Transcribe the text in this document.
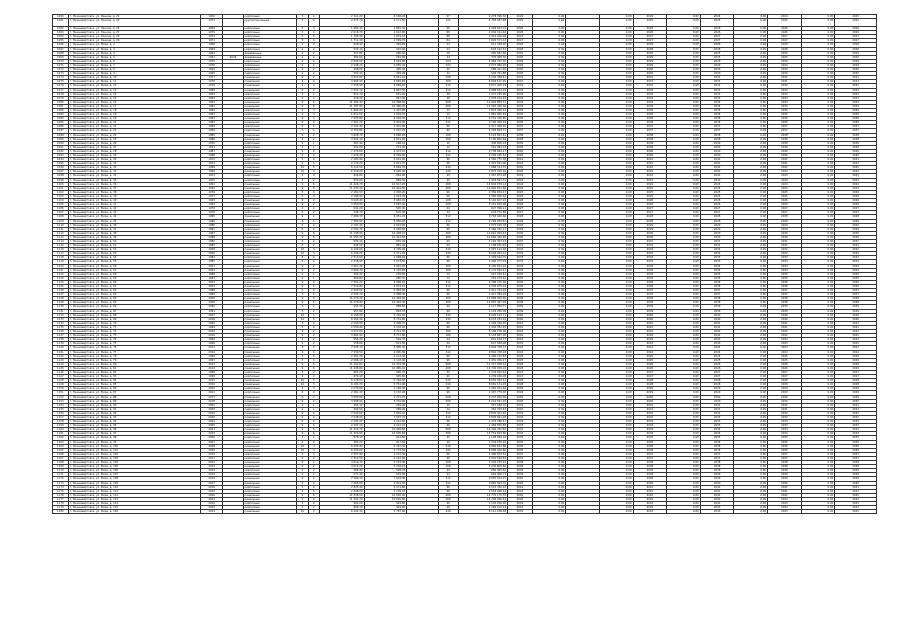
1060	г. Нижневартовск, ул. Ленина, д. 22	1972		кирпичные	5	4	2 111,20	2 156,20		97	2 278 396,32	2024	0,00		0,00	2024	0,00	2024	0,00	2024	0,00	2025
1061	г. Нижневартовск, ул. Ленина, д. 23	1973		крупнопанельные	5	4	2 473,70	2 171,50		121	4 758 087,88	2025	0,00		0,00	2025	0,00	2025	0,00	2025	0,00	2025
1062	г. Нижневартовск, ул. Ленина, д. 25	1969		кирпичные	5	4	1 982,40	1 845,30		96	2 048 813,15	2026	0,00		0,00	2026	0,00	2026	0,00	2026	0,00	2026
1063	г. Нижневартовск, ул. Ленина, д. 27	1970		кирпичные	5	4	2 018,70	1 912,80		98	2 094 311,40	2026	0,00		0,00	2026	0,00	2026	0,00	2026	0,00	2026
1064	г. Нижневартовск, ул. Ленина, д. 28	1974		кирпичные	5	4	1 795,90	1 674,10		88	1 912 446,09	2027	0,00		0,00	2027	0,00	2027	0,00	2027	0,00	2027
1065	г. Нижневартовск, ул. Ленина, д. 29	1971		кирпичные	5	4	1 711,30	1 599,70		84	1 826 571,12	2027	0,00		0,00	2027	0,00	2027	0,00	2027	0,00	2027
1066	г. Нижневартовск, ул. Мира, д. 2	1968		кирпичные	2	2	528,40	492,00		24	611 348,20	2028	0,00		0,00	2028	0,00	2028	0,00	2028	0,00	2028
1067	г. Нижневартовск, ул. Мира, д. 3	1969		кирпичные	2	2	533,10	497,60		24	618 102,54	2028	0,00		0,00	2028	0,00	2028	0,00	2028	0,00	2028
1068	г. Нижневартовск, ул. Мира, д. 4	1962		деревянные	2	2	317,80	296,40		16	392 507,66	2025	0,00		0,00	2025	0,00	2025	0,00	2025	0,00	2025
1069	г. Нижневартовск, ул. Мира, д. 5	1961	2004	деревянные	2	2	304,60	281,90		14	376 908,30	2025	0,00		0,00	2025	0,00	2025	0,00	2025	0,00	2025
1070	г. Нижневартовск, ул. Мира, д. 6	1975		кирпичные	5	4	2 204,50	2 063,80		104	2 384 772,10	2029	0,00		0,00	2029	0,00	2029	0,00	2029	0,00	2029
1071	г. Нижневартовск, ул. Мира, д. 7	1976		кирпичные	5	4	2 198,20	2 055,40		103	2 377 960,05	2029	0,00		0,00	2029	0,00	2029	0,00	2029	0,00	2029
1072	г. Нижневартовск, ул. Мира, д. 8	1964		кирпичные	2	2	498,00	465,30		22	588 417,26	2030	0,00		0,00	2030	0,00	2030	0,00	2030	0,00	2030
1073	г. Нижневартовск, ул. Мира, д. 9	1965		кирпичные	2	2	502,40	469,90		22	593 701,88	2030	0,00		0,00	2030	0,00	2030	0,00	2030	0,00	2030
1074	г. Нижневартовск, ул. Мира, д. 10	1977		панельные	9	2	3 912,60	3 651,10		168	5 102 338,47	2031	0,00		0,00	2031	0,00	2031	0,00	2031	0,00	2031
1075	г. Нижневартовск, ул. Мира, д. 11	1978		панельные	9	2	3 906,30	3 640,80		168	5 094 117,25	2031	0,00		0,00	2031	0,00	2031	0,00	2031	0,00	2031
1076	г. Нижневартовск, ул. Мира, д. 12	1979		панельные	9	4	7 418,90	6 882,40		312	9 671 402,19	2032	0,00		0,00	2032	0,00	2032	0,00	2032	0,00	2032
1077	г. Нижневартовск, ул. Мира, д. 13	1980		панельные	9	4	7 432,10	6 897,50		312	9 688 551,03	2032	0,00		0,00	2032	0,00	2032	0,00	2032	0,00	2032
1078	г. Нижневартовск, ул. Мира, д. 14	1963		кирпичные	3	2	912,70	851,20		38	1 071 225,90	2033	0,00		0,00	2033	0,00	2033	0,00	2033	0,00	2033
1079	г. Нижневартовск, ул. Мира, д. 15	1964		кирпичные	3	2	918,40	857,00		38	1 078 014,62	2033	0,00		0,00	2033	0,00	2033	0,00	2033	0,00	2033
1080	г. Нижневартовск, ул. Мира, д. 16	1981		панельные	9	6	11 204,30	10 398,60		468	14 602 883,71	2034	0,00		0,00	2034	0,00	2034	0,00	2034	0,00	2034
1081	г. Нижневартовск, ул. Мира, д. 17	1982		панельные	9	6	11 187,90	10 380,20		468	14 581 440,36	2034	0,00		0,00	2034	0,00	2034	0,00	2034	0,00	2034
1082	г. Нижневартовск, ул. Мира, д. 18	1966		кирпичные	4	3	1 604,20	1 497,80		72	1 873 390,14	2035	0,00		0,00	2035	0,00	2035	0,00	2035	0,00	2035
1083	г. Нижневартовск, ул. Мира, д. 19	1967		кирпичные	4	3	1 611,50	1 503,10		72	1 881 905,55	2035	0,00		0,00	2035	0,00	2035	0,00	2035	0,00	2035
1084	г. Нижневартовск, ул. Мира, д. 20	1983		панельные	9	4	7 455,80	6 918,30		312	9 719 336,80	2036	0,00		0,00	2036	0,00	2036	0,00	2036	0,00	2036
1085	г. Нижневартовск, ул. Мира, д. 21	1984		панельные	9	4	7 461,20	6 924,90		312	9 726 409,18	2036	0,00		0,00	2036	0,00	2036	0,00	2036	0,00	2036
1086	г. Нижневартовск, ул. Мира, д. 22	1968		кирпичные	5	4	2 142,30	2 001,60		96	2 317 458,92	2037	0,00		0,00	2037	0,00	2037	0,00	2037	0,00	2037
1087	г. Нижневартовск, ул. Мира, д. 23	1969		кирпичные	5	4	2 150,80	2 010,20		96	2 326 604,71	2037	0,00		0,00	2037	0,00	2037	0,00	2037	0,00	2037
1088	г. Нижневартовск, ул. Мира, д. 24	1985		панельные	9	2	3 928,70	3 666,40		168	5 123 007,44	2038	0,00		0,00	2038	0,00	2038	0,00	2038	0,00	2038
1089	г. Нижневартовск, ул. Мира, д. 25	1986		панельные	9	2	3 934,10	3 671,90		168	5 130 052,69	2038	0,00		0,00	2038	0,00	2038	0,00	2038	0,00	2038
1090	г. Нижневартовск, ул. Мира, д. 26	1970		кирпичные	2	1	287,40	268,10		12	336 805,19	2039	0,00		0,00	2039	0,00	2039	0,00	2039	0,00	2039
1091	г. Нижневартовск, ул. Мира, д. 27	1971		кирпичные	2	1	291,80	272,30		12	341 961,33	2039	0,00		0,00	2039	0,00	2039	0,00	2039	0,00	2039
1092	г. Нижневартовск, ул. Мира, д. 28	1987		панельные	9	4	7 470,60	6 933,10		312	9 738 664,17	2040	0,00		0,00	2040	0,00	2040	0,00	2040	0,00	2040
1093	г. Нижневартовск, ул. Мира, д. 29	1988		панельные	9	4	7 476,40	6 939,80		312	9 746 225,52	2040	0,00		0,00	2040	0,00	2040	0,00	2040	0,00	2040
1094	г. Нижневартовск, ул. Мира, д. 30	1972		кирпичные	5	4	2 163,90	2 021,40		96	2 340 775,38	2041	0,00		0,00	2041	0,00	2041	0,00	2041	0,00	2041
1095	г. Нижневартовск, ул. Мира, д. 31	1973		кирпичные	5	4	2 170,20	2 027,70		96	2 347 591,06	2041	0,00		0,00	2041	0,00	2041	0,00	2041	0,00	2041
1096	г. Нижневартовск, ул. Мира, д. 32	1989		панельные	10	3	6 112,50	5 684,70		240	7 968 313,75	2042	0,00		0,00	2042	0,00	2042	0,00	2042	0,00	2042
1097	г. Нижневартовск, ул. Мира, д. 33	1990		панельные	10	3	6 118,20	5 690,40		240	7 975 744,10	2042	0,00		0,00	2042	0,00	2042	0,00	2042	0,00	2042
1098	г. Нижневартовск, ул. Мира, д. 34	1974		кирпичные	3	2	926,80	864,90		40	1 087 873,28	2043	0,00		0,00	2043	0,00	2043	0,00	2043	0,00	2043
1099	г. Нижневартовск, ул. Мира, д. 35	1975		кирпичные	3	2	931,60	869,30		40	1 093 507,71	2043	0,00		0,00	2043	0,00	2043	0,00	2043	0,00	2043
1100	г. Нижневартовск, ул. Мира, д. 36	1991		панельные	9	6	11 226,70	10 417,20		468	14 632 079,14	2024	0,00		0,00	2024	0,00	2024	0,00	2024	0,00	2024
1101	г. Нижневартовск, ул. Мира, д. 37	1992		панельные	9	6	11 233,40	10 424,80		468	14 640 811,60	2024	0,00		0,00	2024	0,00	2024	0,00	2024	0,00	2024
1102	г. Нижневартовск, ул. Мира, д. 38	1976		кирпичные	5	4	2 181,50	2 038,20		96	2 359 819,47	2025	0,00		0,00	2025	0,00	2025	0,00	2025	0,00	2025
1103	г. Нижневартовск, ул. Мира, д. 39	1977		кирпичные	5	4	2 186,90	2 043,70		96	2 365 660,92	2025	0,00		0,00	2025	0,00	2025	0,00	2025	0,00	2025
1104	г. Нижневартовск, ул. Мира, д. 40	1993		панельные	9	2	3 945,30	3 682,10		168	5 144 657,15	2026	0,00		0,00	2026	0,00	2026	0,00	2026	0,00	2026
1105	г. Нижневартовск, ул. Мира, д. 41	1994		панельные	9	2	3 950,80	3 687,40		168	5 151 829,00	2026	0,00		0,00	2026	0,00	2026	0,00	2026	0,00	2026
1106	г. Нижневартовск, ул. Мира, д. 42	1978		кирпичные	2	2	541,20	505,30		24	627 396,11	2027	0,00		0,00	2027	0,00	2027	0,00	2027	0,00	2027
1107	г. Нижневартовск, ул. Мира, д. 43	1979		кирпичные	2	2	546,70	510,40		24	633 771,86	2027	0,00		0,00	2027	0,00	2027	0,00	2027	0,00	2027
1108	г. Нижневартовск, ул. Мира, д. 44	1995		панельные	9	4	7 489,30	6 951,20		312	9 763 040,66	2028	0,00		0,00	2028	0,00	2028	0,00	2028	0,00	2028
1109	г. Нижневартовск, ул. Мира, д. 45	1996		панельные	9	4	7 494,60	6 956,90		312	9 769 949,67	2028	0,00		0,00	2028	0,00	2028	0,00	2028	0,00	2028
1110	г. Нижневартовск, ул. Мира, д. 46	1980		кирпичные	5	4	2 197,40	2 053,90		96	2 377 018,78	2029	0,00		0,00	2029	0,00	2029	0,00	2029	0,00	2029
1111	г. Нижневартовск, ул. Мира, д. 47	1981		кирпичные	5	4	2 202,70	2 058,80		96	2 382 752,11	2029	0,00		0,00	2029	0,00	2029	0,00	2029	0,00	2029
1112	г. Нижневартовск, ул. Мира, д. 48	1997		панельные	9	6	11 248,90	10 438,10		468	14 661 004,44	2030	0,00		0,00	2030	0,00	2030	0,00	2030	0,00	2030
1113	г. Нижневартовск, ул. Мира, д. 49	1998		панельные	9	6	11 255,30	10 444,50		468	14 669 345,69	2030	0,00		0,00	2030	0,00	2030	0,00	2030	0,00	2030
1114	г. Нижневартовск, ул. Мира, д. 50	1982		кирпичные	3	2	939,10	876,40		40	1 102 307,13	2031	0,00		0,00	2031	0,00	2031	0,00	2031	0,00	2031
1115	г. Нижневартовск, ул. Мира, д. 51	1983		кирпичные	3	2	944,50	881,20		40	1 108 645,49	2031	0,00		0,00	2031	0,00	2031	0,00	2031	0,00	2031
1116	г. Нижневартовск, ул. Мира, д. 52	1999		панельные	10	3	6 134,60	5 705,90		240	7 997 123,26	2032	0,00		0,00	2032	0,00	2032	0,00	2032	0,00	2032
1117	г. Нижневартовск, ул. Мира, д. 53	2000		панельные	10	3	6 140,20	5 711,30		240	8 004 423,14	2032	0,00		0,00	2032	0,00	2032	0,00	2032	0,00	2032
1118	г. Нижневартовск, ул. Мира, д. 54	1984		кирпичные	5	4	2 213,60	2 068,40		96	2 394 543,70	2033	0,00		0,00	2033	0,00	2033	0,00	2033	0,00	2033
1119	г. Нижневартовск, ул. Мира, д. 55	1985		кирпичные	5	4	2 218,90	2 073,50		96	2 400 277,03	2033	0,00		0,00	2033	0,00	2033	0,00	2033	0,00	2033
1120	г. Нижневартовск, ул. Мира, д. 56	2001		панельные	9	2	3 961,40	3 697,20		168	5 165 651,22	2034	0,00		0,00	2034	0,00	2034	0,00	2034	0,00	2034
1121	г. Нижневартовск, ул. Мира, д. 57	2002		панельные	9	2	3 966,70	3 702,60		168	5 172 562,47	2034	0,00		0,00	2034	0,00	2034	0,00	2034	0,00	2034
1122	г. Нижневартовск, ул. Мира, д. 58	1986		кирпичные	2	1	296,30	276,50		12	347 234,61	2035	0,00		0,00	2035	0,00	2035	0,00	2035	0,00	2035
1123	г. Нижневартовск, ул. Мира, д. 59	1987		кирпичные	2	1	300,60	280,70		12	352 273,42	2035	0,00		0,00	2035	0,00	2035	0,00	2035	0,00	2035
1124	г. Нижневартовск, ул. Мира, д. 60	2003		панельные	9	4	7 507,20	6 968,40		312	9 786 375,36	2036	0,00		0,00	2036	0,00	2036	0,00	2036	0,00	2036
1125	г. Нижневартовск, ул. Мира, д. 61	2004		панельные	9	4	7 512,80	6 974,10		312	9 793 675,24	2036	0,00		0,00	2036	0,00	2036	0,00	2036	0,00	2036
1126	г. Нижневартовск, ул. Мира, д. 62	1988		кирпичные	5	4	2 229,50	2 083,60		96	2 411 744,03	2037	0,00		0,00	2037	0,00	2037	0,00	2037	0,00	2037
1127	г. Нижневартовск, ул. Мира, д. 63	1989		кирпичные	5	4	2 234,70	2 088,30		96	2 417 369,19	2037	0,00		0,00	2037	0,00	2037	0,00	2037	0,00	2037
1128	г. Нижневартовск, ул. Мира, д. 64	2005		панельные	9	6	11 270,40	10 458,60		468	14 689 025,50	2038	0,00		0,00	2038	0,00	2038	0,00	2038	0,00	2038
1129	г. Нижневартовск, ул. Мира, д. 65	2006		панельные	9	6	11 276,90	10 464,30		468	14 697 497,09	2038	0,00		0,00	2038	0,00	2038	0,00	2038	0,00	2038
1130	г. Нижневартовск, ул. Мира, д. 66	1990		кирпичные	3	2	952,30	888,60		40	1 117 800,71	2039	0,00		0,00	2039	0,00	2039	0,00	2039	0,00	2039
1131	г. Нижневартовск, ул. Мира, д. 67	1991		кирпичные	3	2	957,80	893,70		40	1 124 256,38	2039	0,00		0,00	2039	0,00	2039	0,00	2039	0,00	2039
1132	г. Нижневартовск, ул. Мира, д. 68	2007		панельные	10	3	6 156,90	5 726,40		240	8 026 193,71	2040	0,00		0,00	2040	0,00	2040	0,00	2040	0,00	2040
1133	г. Нижневартовск, ул. Мира, д. 69	2008		панельные	10	3	6 162,30	5 731,80		240	8 033 233,15	2040	0,00		0,00	2040	0,00	2040	0,00	2040	0,00	2040
1134	г. Нижневартовск, ул. Мира, д. 70	1992		кирпичные	5	4	2 245,80	2 098,70		96	2 429 376,35	2041	0,00		0,00	2041	0,00	2041	0,00	2041	0,00	2041
1135	г. Нижневартовск, ул. Мира, д. 71	1993		кирпичные	5	4	2 250,40	2 103,20		96	2 434 352,45	2041	0,00		0,00	2041	0,00	2041	0,00	2041	0,00	2041
1136	г. Нижневартовск, ул. Мира, д. 72	2009		панельные	9	2	3 977,60	3 712,50		168	5 186 776,06	2042	0,00		0,00	2042	0,00	2042	0,00	2042	0,00	2042
1137	г. Нижневартовск, ул. Мира, д. 73	2010		панельные	9	2	3 982,90	3 717,80		168	5 193 687,30	2042	0,00		0,00	2042	0,00	2042	0,00	2042	0,00	2042
1138	г. Нижневартовск, ул. Мира, д. 74	1994		кирпичные	2	2	553,40	516,70		24	641 539,77	2043	0,00		0,00	2043	0,00	2043	0,00	2043	0,00	2043
1139	г. Нижневартовск, ул. Мира, д. 75	1995		кирпичные	2	2	558,60	521,50		24	647 568,08	2043	0,00		0,00	2043	0,00	2043	0,00	2043	0,00	2043
1140	г. Нижневартовск, ул. Мира, д. 76	2011		панельные	9	4	7 525,10	6 985,30		312	9 809 708,73	2024	0,00		0,00	2024	0,00	2024	0,00	2024	0,00	2024
1141	г. Нижневартовск, ул. Мира, д. 77	2012		панельные	9	4	7 530,50	6 990,80		312	9 816 748,18	2024	0,00		0,00	2024	0,00	2024	0,00	2024	0,00	2024
1142	г. Нижневартовск, ул. Мира, д. 78	1996		кирпичные	5	4	2 261,30	2 113,40		96	2 446 143,83	2025	0,00		0,00	2025	0,00	2025	0,00	2025	0,00	2025
1143	г. Нижневартовск, ул. Мира, д. 79	1997		кирпичные	5	4	2 266,10	2 118,00		96	2 451 336,27	2025	0,00		0,00	2025	0,00	2025	0,00	2025	0,00	2025
1144	г. Нижневартовск, ул. Мира, д. 80	2013		панельные	9	6	11 292,60	10 479,30		468	14 717 958,33	2026	0,00		0,00	2026	0,00	2026	0,00	2026	0,00	2026
1145	г. Нижневартовск, ул. Мира, д. 81	2014		панельные	9	6	11 298,80	10 485,10		468	14 726 039,16	2026	0,00		0,00	2026	0,00	2026	0,00	2026	0,00	2026
1146	г. Нижневартовск, ул. Мира, д. 82	1998		кирпичные	3	2	965,20	900,70		40	1 132 942,43	2027	0,00		0,00	2027	0,00	2027	0,00	2027	0,00	2027
1147	г. Нижневартовск, ул. Мира, д. 83	1999		кирпичные	3	2	970,40	905,60		40	1 139 046,09	2027	0,00		0,00	2027	0,00	2027	0,00	2027	0,00	2027
1148	г. Нижневартовск, ул. Мира, д. 84	2015		панельные	10	3	6 178,50	5 746,60		240	8 054 352,11	2028	0,00		0,00	2028	0,00	2028	0,00	2028	0,00	2028
1149	г. Нижневартовск, ул. Мира, д. 85	2016		панельные	10	3	6 183,70	5 751,90		240	8 061 131,03	2028	0,00		0,00	2028	0,00	2028	0,00	2028	0,00	2028
1150	г. Нижневартовск, ул. Мира, д. 86	2000		кирпичные	5	4	2 276,80	2 128,00		96	2 462 911,40	2029	0,00		0,00	2029	0,00	2029	0,00	2029	0,00	2029
1151	г. Нижневартовск, ул. Мира, д. 87	2001		кирпичные	5	4	2 281,30	2 132,40		96	2 467 779,30	2029	0,00		0,00	2029	0,00	2029	0,00	2029	0,00	2029
1152	г. Нижневартовск, ул. Мира, д. 88	2017		панельные	9	2	3 993,80	3 727,70		168	5 207 900,90	2030	0,00		0,00	2030	0,00	2030	0,00	2030	0,00	2030
1153	г. Нижневартовск, ул. Мира, д. 89	2018		панельные	9	2	3 998,90	3 732,80		168	5 214 551,15	2030	0,00		0,00	2030	0,00	2030	0,00	2030	0,00	2030
1154	г. Нижневартовск, ул. Мира, д. 90	2002		кирпичные	2	1	305,10	284,90		12	357 546,70	2031	0,00		0,00	2031	0,00	2031	0,00	2031	0,00	2031
1155	г. Нижневартовск, ул. Мира, д. 91	2003		кирпичные	2	1	309,50	289,00		12	362 703,53	2031	0,00		0,00	2031	0,00	2031	0,00	2031	0,00	2031
1156	г. Нижневартовск, ул. Мира, д. 92	2019		панельные	9	4	7 542,60	7 002,10		312	9 832 521,40	2032	0,00		0,00	2032	0,00	2032	0,00	2032	0,00	2032
1157	г. Нижневартовск, ул. Мира, д. 93	2020		панельные	9	4	7 548,20	7 007,70		312	9 839 821,28	2032	0,00		0,00	2032	0,00	2032	0,00	2032	0,00	2032
1158	г. Нижневартовск, ул. Мира, д. 94	2004		кирпичные	5	4	2 292,40	2 142,60		96	2 479 786,47	2033	0,00		0,00	2033	0,00	2033	0,00	2033	0,00	2033
1159	г. Нижневартовск, ул. Мира, д. 95	2005		кирпичные	5	4	2 297,10	2 147,10		96	2 484 870,58	2033	0,00		0,00	2033	0,00	2033	0,00	2033	0,00	2033
1160	г. Нижневартовск, ул. Мира, д. 96	2021		панельные	9	6	11 314,70	10 499,80		468	14 746 762,83	2034	0,00		0,00	2034	0,00	2034	0,00	2034	0,00	2034
1161	г. Нижневартовск, ул. Мира, д. 97	2022		панельные	9	6	11 320,90	10 505,60		468	14 754 843,66	2034	0,00		0,00	2034	0,00	2034	0,00	2034	0,00	2034
1162	г. Нижневартовск, ул. Мира, д. 98	2006		кирпичные	3	2	978,10	912,80		40	1 148 084,16	2035	0,00		0,00	2035	0,00	2035	0,00	2035	0,00	2035
1163	г. Нижневартовск, ул. Мира, д. 99	2007		кирпичные	3	2	983,20	917,60		40	1 154 070,40	2035	0,00		0,00	2035	0,00	2035	0,00	2035	0,00	2035
1164	г. Нижневартовск, ул. Мира, д. 100	2008		панельные	10	3	6 200,40	5 767,30		240	8 082 641,88	2036	0,00		0,00	2036	0,00	2036	0,00	2036	0,00	2036
1165	г. Нижневартовск, ул. Мира, д. 101	2009		панельные	10	3	6 205,60	5 772,50		240	8 089 420,80	2036	0,00		0,00	2036	0,00	2036	0,00	2036	0,00	2036
1166	г. Нижневартовск, ул. Мира, д. 102	2010		кирпичные	5	4	2 307,90	2 157,30		96	2 496 553,53	2037	0,00		0,00	2037	0,00	2037	0,00	2037	0,00	2037
1167	г. Нижневартовск, ул. Мира, д. 103	2011		кирпичные	5	4	2 312,50	2 161,60		96	2 501 529,64	2037	0,00		0,00	2037	0,00	2037	0,00	2037	0,00	2037
1168	г. Нижневартовск, ул. Мира, д. 104	2012		панельные	9	2	4 010,10	3 743,00		168	5 229 155,24	2038	0,00		0,00	2038	0,00	2038	0,00	2038	0,00	2038
1169	г. Нижневартовск, ул. Мира, д. 105	2013		панельные	9	2	4 015,20	3 748,10		168	5 235 805,50	2038	0,00		0,00	2038	0,00	2038	0,00	2038	0,00	2038
1170	г. Нижневартовск, ул. Мира, д. 106	2014		кирпичные	2	2	566,30	528,70		24	656 494,52	2039	0,00		0,00	2039	0,00	2039	0,00	2039	0,00	2039
1171	г. Нижневартовск, ул. Мира, д. 107	2015		кирпичные	2	2	571,40	533,50		24	662 406,73	2039	0,00		0,00	2039	0,00	2039	0,00	2039	0,00	2039
1172	г. Нижневартовск, ул. Мира, д. 108	2016		панельные	9	4	7 560,10	7 018,90		312	9 855 334,07	2040	0,00		0,00	2040	0,00	2040	0,00	2040	0,00	2040
1173	г. Нижневартовск, ул. Мира, д. 109	2017		панельные	9	4	7 565,60	7 024,30		312	9 862 503,70	2040	0,00		0,00	2040	0,00	2040	0,00	2040	0,00	2040
1174	г. Нижневартовск, ул. Мира, д. 110	2018		кирпичные	5	4	2 323,40	2 171,80		96	2 513 320,22	2041	0,00		0,00	2041	0,00	2041	0,00	2041	0,00	2041
1175	г. Нижневартовск, ул. Мира, д. 111	2019		кирпичные	5	4	2 328,00	2 176,10		96	2 518 296,33	2041	0,00		0,00	2041	0,00	2041	0,00	2041	0,00	2041
1176	г. Нижневартовск, ул. Мира, д. 112	2020		панельные	9	6	11 336,50	10 520,00		468	14 775 175,70	2042	0,00		0,00	2042	0,00	2042	0,00	2042	0,00	2042
1177	г. Нижневартовск, ул. Мира, д. 113	2021		панельные	9	6	11 342,70	10 525,80		468	14 783 256,53	2042	0,00		0,00	2042	0,00	2042	0,00	2042	0,00	2042
1178	г. Нижневартовск, ул. Мира, д. 114	2022		кирпичные	3	2	991,00	924,80		40	1 163 226,00	2043	0,00		0,00	2043	0,00	2043	0,00	2043	0,00	2043
1179	г. Нижневартовск, ул. Мира, д. 115	2023		кирпичные	3	2	996,10	929,60		40	1 169 212,24	2043	0,00		0,00	2043	0,00	2043	0,00	2043	0,00	2043
1180	г. Нижневартовск, ул. Мира, д. 116	2023		панельные	10	3	6 222,30	5 787,90		240	8 111 189,38	2043	0,00		0,00	2043	0,00	2043	0,00	2043	0,00	2043
